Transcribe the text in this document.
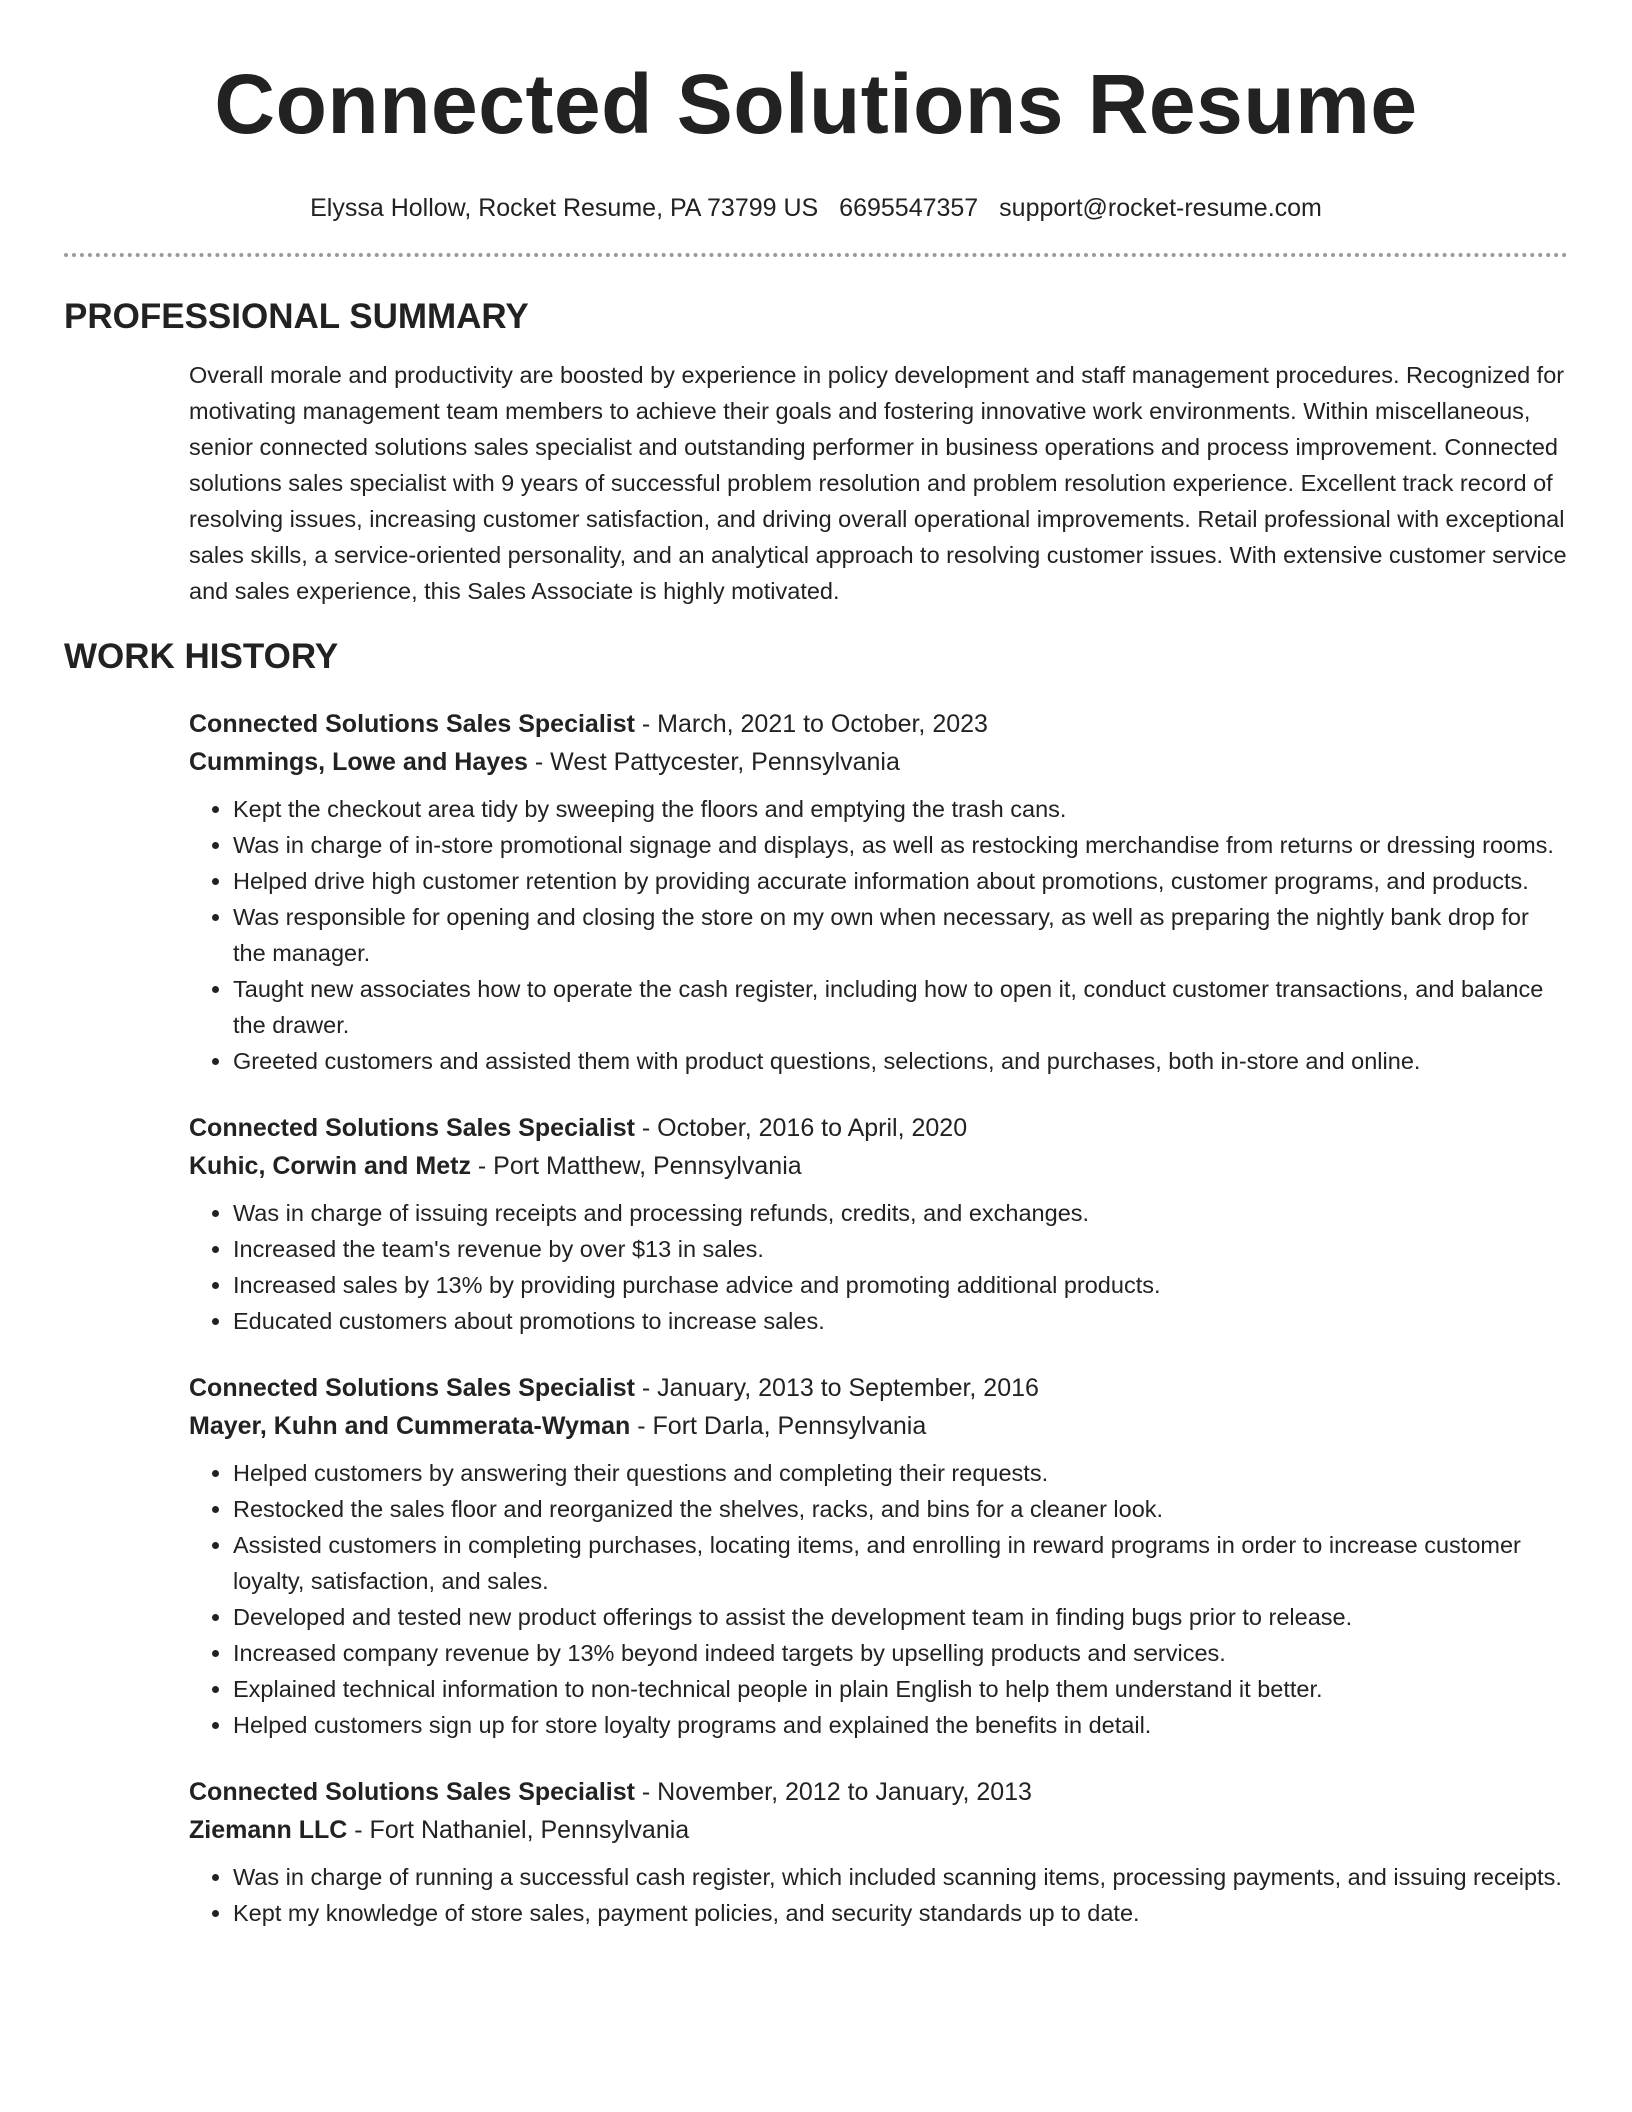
Connected Solutions Resume
Elyssa Hollow, Rocket Resume, PA 73799 US 6695547357 support@rocket-resume.com
PROFESSIONAL SUMMARY
Overall morale and productivity are boosted by experience in policy development and staff management procedures. Recognized for motivating management team members to achieve their goals and fostering innovative work environments. Within miscellaneous, senior connected solutions sales specialist and outstanding performer in business operations and process improvement. Connected solutions sales specialist with 9 years of successful problem resolution and problem resolution experience. Excellent track record of resolving issues, increasing customer satisfaction, and driving overall operational improvements. Retail professional with exceptional sales skills, a service-oriented personality, and an analytical approach to resolving customer issues. With extensive customer service and sales experience, this Sales Associate is highly motivated.
WORK HISTORY
Connected Solutions Sales Specialist - March, 2021 to October, 2023
Cummings, Lowe and Hayes - West Pattycester, Pennsylvania
• Kept the checkout area tidy by sweeping the floors and emptying the trash cans.
• Was in charge of in-store promotional signage and displays, as well as restocking merchandise from returns or dressing rooms.
• Helped drive high customer retention by providing accurate information about promotions, customer programs, and products.
• Was responsible for opening and closing the store on my own when necessary, as well as preparing the nightly bank drop for the manager.
• Taught new associates how to operate the cash register, including how to open it, conduct customer transactions, and balance the drawer.
• Greeted customers and assisted them with product questions, selections, and purchases, both in-store and online.
Connected Solutions Sales Specialist - October, 2016 to April, 2020
Kuhic, Corwin and Metz - Port Matthew, Pennsylvania
• Was in charge of issuing receipts and processing refunds, credits, and exchanges.
• Increased the team's revenue by over $13 in sales.
• Increased sales by 13% by providing purchase advice and promoting additional products.
• Educated customers about promotions to increase sales.
Connected Solutions Sales Specialist - January, 2013 to September, 2016
Mayer, Kuhn and Cummerata-Wyman - Fort Darla, Pennsylvania
• Helped customers by answering their questions and completing their requests.
• Restocked the sales floor and reorganized the shelves, racks, and bins for a cleaner look.
• Assisted customers in completing purchases, locating items, and enrolling in reward programs in order to increase customer loyalty, satisfaction, and sales.
• Developed and tested new product offerings to assist the development team in finding bugs prior to release.
• Increased company revenue by 13% beyond indeed targets by upselling products and services.
• Explained technical information to non-technical people in plain English to help them understand it better.
• Helped customers sign up for store loyalty programs and explained the benefits in detail.
Connected Solutions Sales Specialist - November, 2012 to January, 2013
Ziemann LLC - Fort Nathaniel, Pennsylvania
• Was in charge of running a successful cash register, which included scanning items, processing payments, and issuing receipts.
• Kept my knowledge of store sales, payment policies, and security standards up to date.
